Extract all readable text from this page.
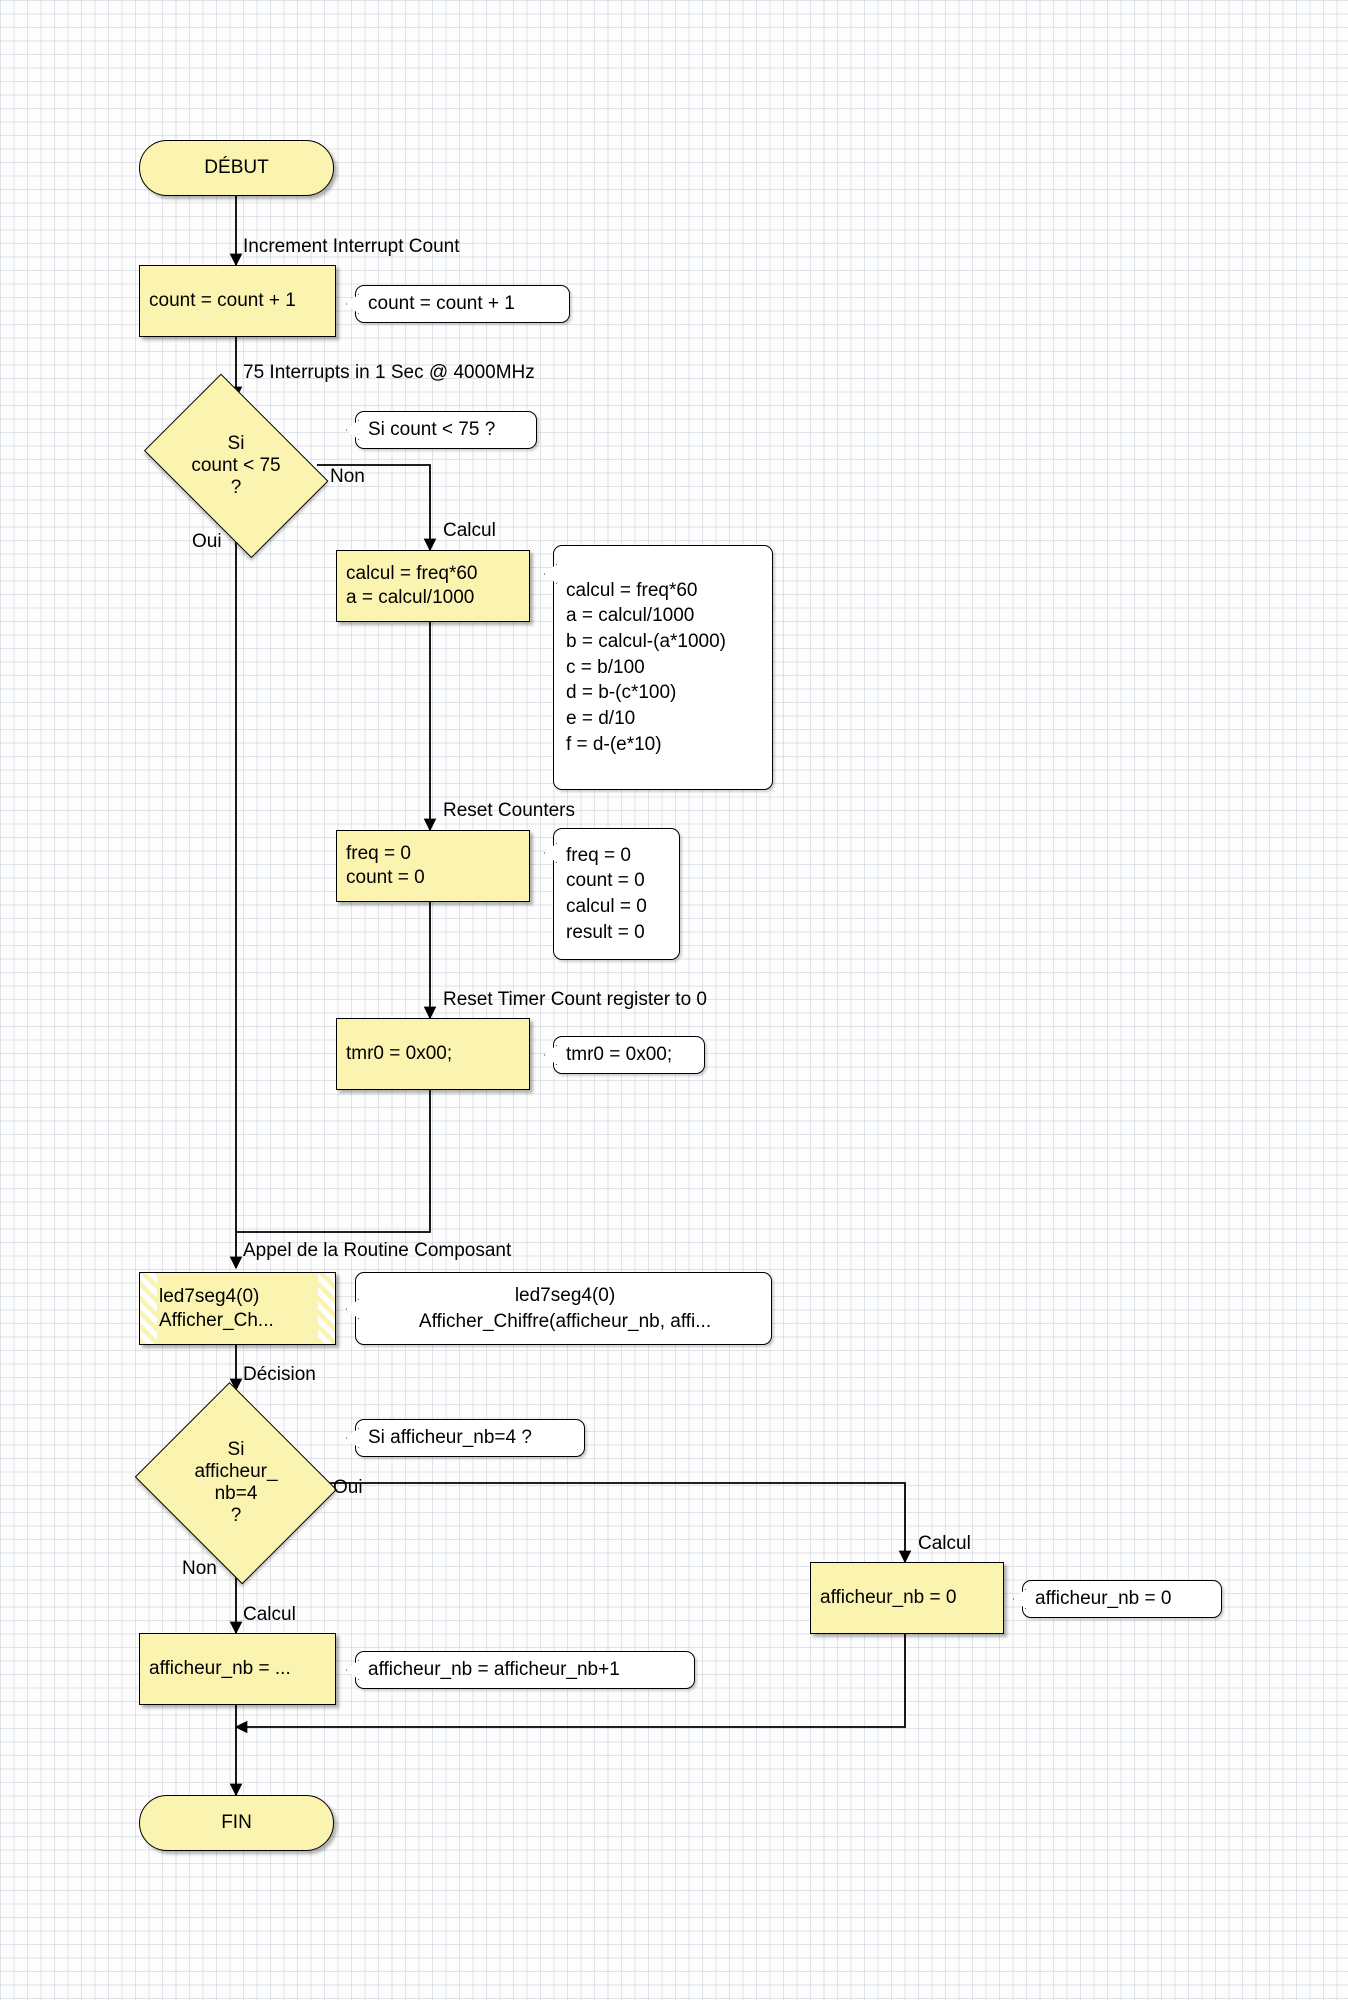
DÉBUT
Increment Interrupt Count
count = count + 1	count = count + 1
75 Interrupts in 1 Sec @ 4000MHz
Si
count < 75
?
Si count < 75 ?
Non
Oui
Calcul
calcul = freq*60
a = calcul/1000	calcul = freq*60
a = calcul/1000
b = calcul-(a*1000)
c = b/100
d = b-(c*100)
e = d/10
f = d-(e*10)
Reset Counters
freq = 0
count = 0
freq = 0
count = 0
calcul = 0
result = 0
Reset Timer Count register to 0
tmr0 = 0x00;	tmr0 = 0x00;
Appel de la Routine Composant
led7seg4(0)
Afficher_Ch...
led7seg4(0)
Afficher_Chiffre(afficheur_nb, affi...
Décision
Si
afficheur_
nb=4
?
Si afficheur_nb=4 ?
Oui
Non
Calcul
afficheur_nb = 0	afficheur_nb = 0
Calcul
afficheur_nb = ...	afficheur_nb = afficheur_nb+1
FIN
